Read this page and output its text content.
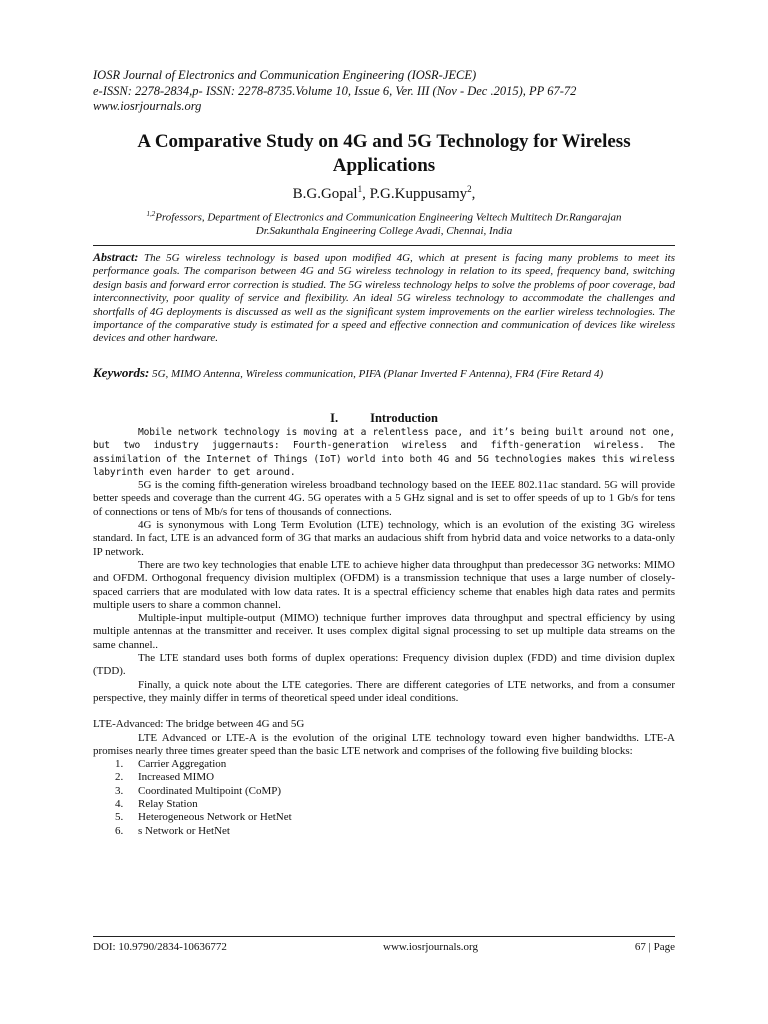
IOSR Journal of Electronics and Communication Engineering (IOSR-JECE)
e-ISSN: 2278-2834,p- ISSN: 2278-8735.Volume 10, Issue 6, Ver. III (Nov - Dec .2015), PP 67-72
www.iosrjournals.org
A Comparative Study on 4G and 5G Technology for Wireless
Applications
B.G.Gopal$^1$, P.G.Kuppusamy$^2$,
$^{1,2}$Professors, Department of Electronics and Communication Engineering Veltech Multitech Dr.Rangarajan
Dr.Sakunthala Engineering College Avadi, Chennai, India
Abstract: The 5G wireless technology is based upon modified 4G, which at present is facing many problems to meet its performance goals. The comparison between 4G and 5G wireless technology in relation to its speed, frequency band, switching design basis and forward error correction is studied. The 5G wireless technology helps to solve the problems of poor coverage, bad interconnectivity, poor quality of service and flexibility. An ideal 5G wireless technology to accommodate the challenges and shortfalls of 4G deployments is discussed as well as the significant system improvements on the earlier wireless technologies. The importance of the comparative study is estimated for a speed and effective connection and communication of devices like wireless devices and other hardware.
Keywords: 5G, MIMO Antenna, Wireless communication, PIFA (Planar Inverted F Antenna), FR4 (Fire Retard 4)
I.	Introduction

Mobile network technology is moving at a relentless pace, and it’s being built around not one, but two industry juggernauts: Fourth-generation wireless and fifth-generation wireless. The assimilation of the Internet of Things (IoT) world into both 4G and 5G technologies makes this wireless labyrinth even harder to get around.

5G is the coming fifth-generation wireless broadband technology based on the IEEE 802.11ac standard. 5G will provide better speeds and coverage than the current 4G. 5G operates with a 5 GHz signal and is set to offer speeds of up to 1 Gb/s for tens of connections or tens of Mb/s for tens of thousands of connections.

4G is synonymous with Long Term Evolution (LTE) technology, which is an evolution of the existing 3G wireless standard. In fact, LTE is an advanced form of 3G that marks an audacious shift from hybrid data and voice networks to a data-only IP network.

There are two key technologies that enable LTE to achieve higher data throughput than predecessor 3G networks: MIMO and OFDM. Orthogonal frequency division multiplex (OFDM) is a transmission technique that uses a large number of closely-spaced carriers that are modulated with low data rates. It is a spectral efficiency scheme that enables high data rates and permits multiple users to share a common channel.

Multiple-input multiple-output (MIMO) technique further improves data throughput and spectral efficiency by using multiple antennas at the transmitter and receiver. It uses complex digital signal processing to set up multiple data streams on the same channel..

The LTE standard uses both forms of duplex operations: Frequency division duplex (FDD) and time division duplex (TDD).

Finally, a quick note about the LTE categories. There are different categories of LTE networks, and from a consumer perspective, they mainly differ in terms of theoretical speed under ideal conditions.

LTE-Advanced: The bridge between 4G and 5G

LTE Advanced or LTE-A is the evolution of the original LTE technology toward even higher bandwidths. LTE-A promises nearly three times greater speed than the basic LTE network and comprises of the following five building blocks:

1.	Carrier Aggregation
2.	Increased MIMO
3.	Coordinated Multipoint (CoMP)
4.	Relay Station
5.	Heterogeneous Network or HetNet
6.	s Network or HetNet
DOI: 10.9790/2834-10636772	www.iosrjournals.org	67 | Page
